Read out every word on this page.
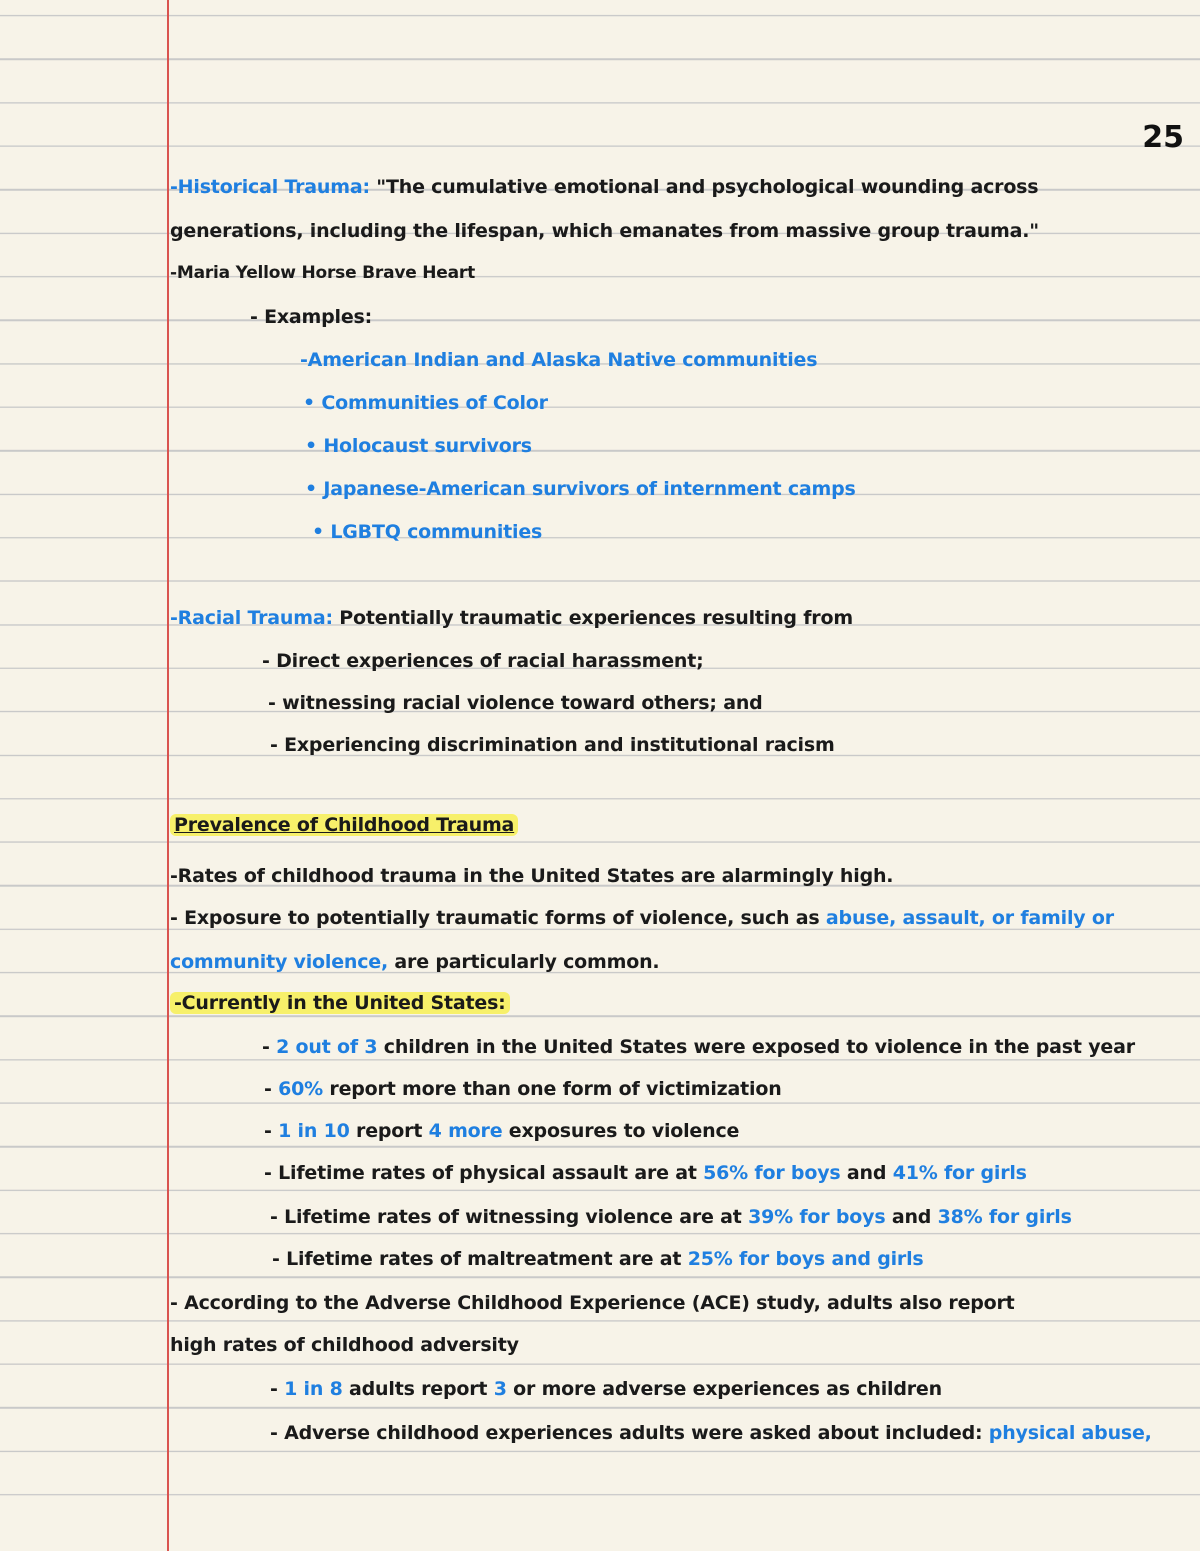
25
-Historical Trauma: "The cumulative emotional and psychological wounding across
generations, including the lifespan, which emanates from massive group trauma."
-Maria Yellow Horse Brave Heart
- Examples:
-American Indian and Alaska Native communities
• Communities of Color
• Holocaust survivors
• Japanese-American survivors of internment camps
• LGBTQ communities
-Racial Trauma: Potentially traumatic experiences resulting from
- Direct experiences of racial harassment;
- witnessing racial violence toward others; and
- Experiencing discrimination and institutional racism
Prevalence of Childhood Trauma
-Rates of childhood trauma in the United States are alarmingly high.
- Exposure to potentially traumatic forms of violence, such as abuse, assault, or family or
community violence, are particularly common.
-Currently in the United States:
- 2 out of 3 children in the United States were exposed to violence in the past year
- 60% report more than one form of victimization
- 1 in 10 report 4 more exposures to violence
- Lifetime rates of physical assault are at 56% for boys and 41% for girls
- Lifetime rates of witnessing violence are at 39% for boys and 38% for girls
- Lifetime rates of maltreatment are at 25% for boys and girls
- According to the Adverse Childhood Experience (ACE) study, adults also report
high rates of childhood adversity
- 1 in 8 adults report 3 or more adverse experiences as children
- Adverse childhood experiences adults were asked about included: physical abuse,
